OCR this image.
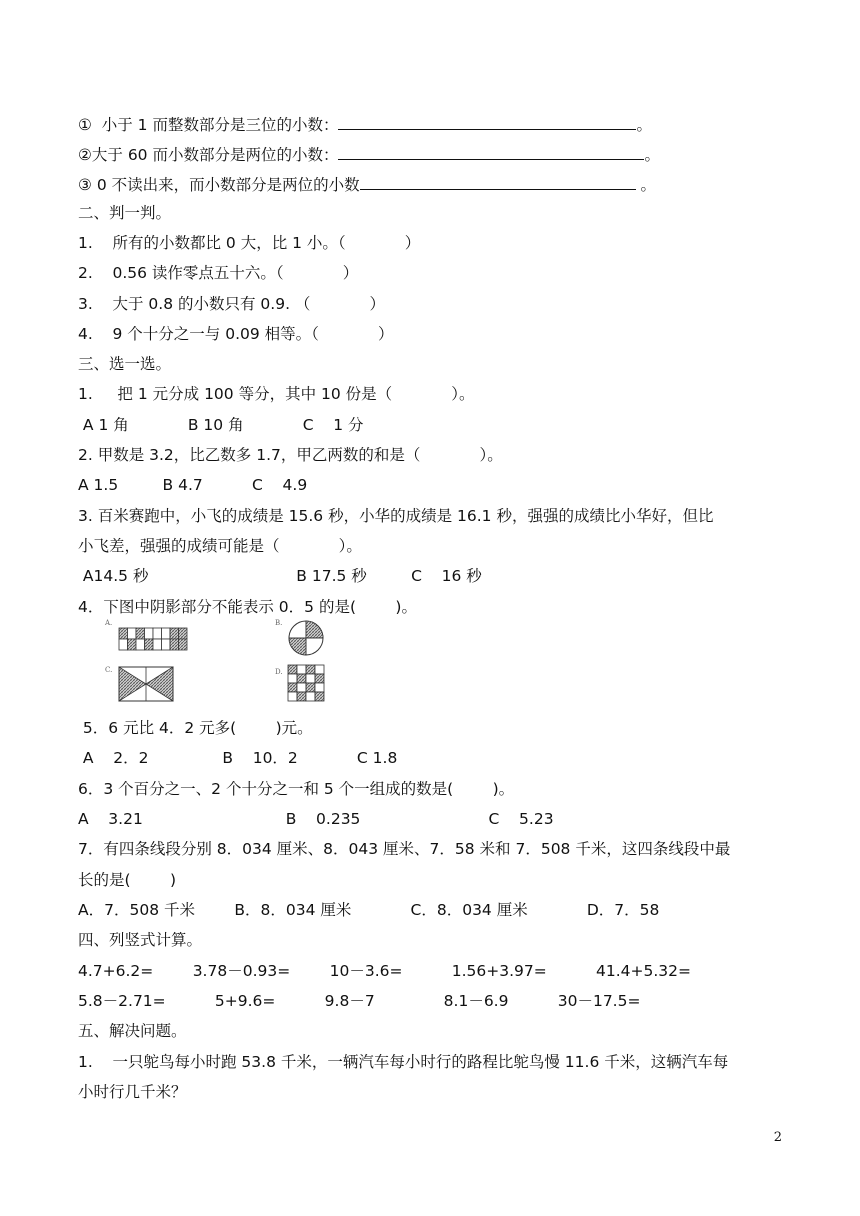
①  小于 1 而整数部分是三位的小数：	。
②大于 60 而小数部分是两位的小数：	。
③ 0 不读出来，而小数部分是两位的小数	。
二、判一判。
1.    所有的小数都比 0 大，比 1 小。（            ）
2.    0.56 读作零点五十六。（            ）
3.    大于 0.8 的小数只有 0.9. （            ）
4.    9 个十分之一与 0.09 相等。（            ）
三、选一选。
1.     把 1 元分成 100 等分，其中 10 份是（            ）。
A 1 角            B 10 角            C    1 分
2. 甲数是 3.2，比乙数多 1.7，甲乙两数的和是（            ）。
A 1.5         B 4.7          C    4.9
3. 百米赛跑中，小飞的成绩是 15.6 秒，小华的成绩是 16.1 秒，强强的成绩比小华好，但比
小飞差，强强的成绩可能是（            ）。
A14.5 秒                              B 17.5 秒         C    16 秒
4．下图中阴影部分不能表示 0．5 的是(        )。
A.	B.
C.	D.
5．6 元比 4．2 元多(        )元。
A    2．2               B    10．2            C 1.8
6．3 个百分之一、2 个十分之一和 5 个一组成的数是(        )。
A    3.21                             B    0.235                          C    5.23
7．有四条线段分别 8．034 厘米、8．043 厘米、7．58 米和 7．508 千米，这四条线段中最
长的是(        )
A．7．508 千米        B．8．034 厘米            C．8．034 厘米            D．7．58
四、列竖式计算。
4.7+6.2=        3.78－0.93=        10－3.6=          1.56+3.97=          41.4+5.32=
5.8－2.71=          5+9.6=          9.8－7              8.1－6.9          30－17.5=
五、解决问题。
1.    一只鸵鸟每小时跑 53.8 千米，一辆汽车每小时行的路程比鸵鸟慢 11.6 千米，这辆汽车每
小时行几千米？
2
